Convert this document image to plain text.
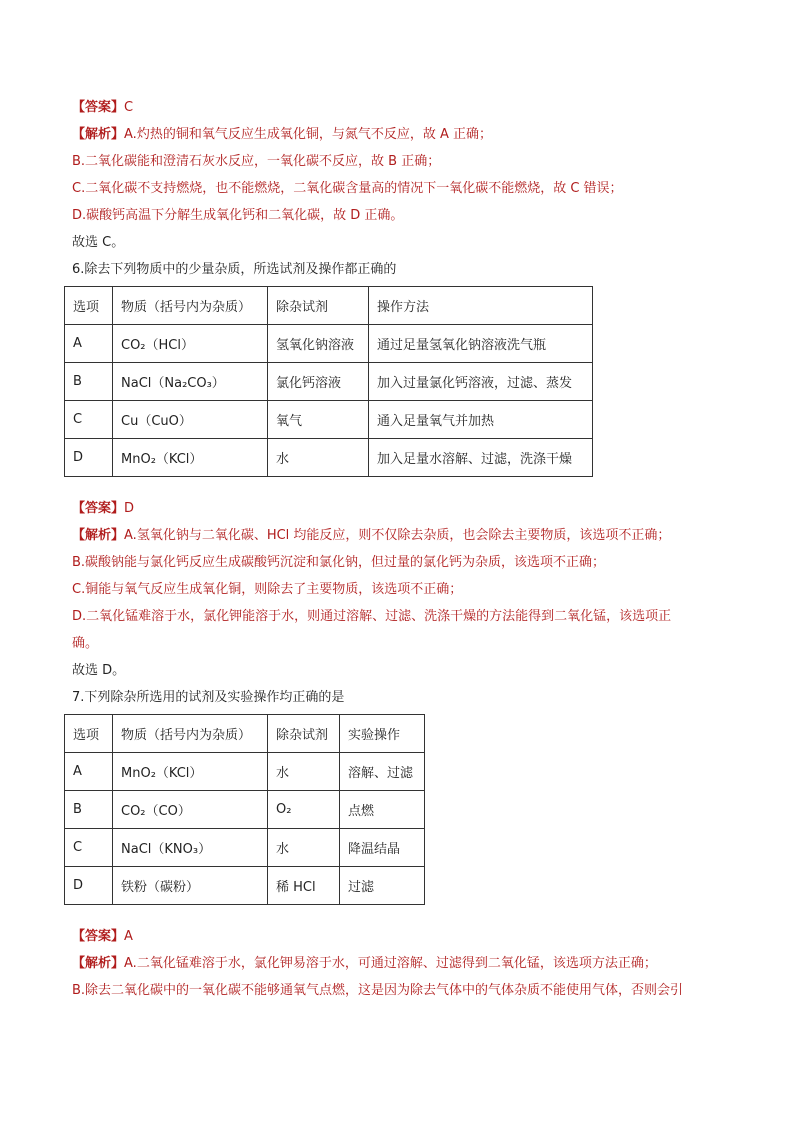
【答案】C
【解析】A.灼热的铜和氧气反应生成氧化铜，与氮气不反应，故 A 正确；
B.二氧化碳能和澄清石灰水反应，一氧化碳不反应，故 B 正确；
C.二氧化碳不支持燃烧，也不能燃烧，二氧化碳含量高的情况下一氧化碳不能燃烧，故 C 错误；
D.碳酸钙高温下分解生成氧化钙和二氧化碳，故 D 正确。
故选 C。
6.除去下列物质中的少量杂质，所选试剂及操作都正确的
选项	物质（括号内为杂质）	除杂试剂	操作方法
A	CO₂（HCl）	氢氧化钠溶液	通过足量氢氧化钠溶液洗气瓶
B	NaCl（Na₂CO₃）	氯化钙溶液	加入过量氯化钙溶液，过滤、蒸发
C	Cu（CuO）	氧气	通入足量氧气并加热
D	MnO₂（KCl）	水	加入足量水溶解、过滤，洗涤干燥
【答案】D
【解析】A.氢氧化钠与二氧化碳、HCl 均能反应，则不仅除去杂质，也会除去主要物质，该选项不正确；
B.碳酸钠能与氯化钙反应生成碳酸钙沉淀和氯化钠，但过量的氯化钙为杂质，该选项不正确；
C.铜能与氧气反应生成氧化铜，则除去了主要物质，该选项不正确；
D.二氧化锰难溶于水，氯化钾能溶于水，则通过溶解、过滤、洗涤干燥的方法能得到二氧化锰，该选项正
确。
故选 D。
7.下列除杂所选用的试剂及实验操作均正确的是
选项	物质（括号内为杂质）	除杂试剂	实验操作
A	MnO₂（KCl）	水	溶解、过滤
B	CO₂（CO）	O₂	点燃
C	NaCl（KNO₃）	水	降温结晶
D	铁粉（碳粉）	稀 HCl	过滤
【答案】A
【解析】A.二氧化锰难溶于水，氯化钾易溶于水，可通过溶解、过滤得到二氧化锰，该选项方法正确；
B.除去二氧化碳中的一氧化碳不能够通氧气点燃，这是因为除去气体中的气体杂质不能使用气体，否则会引
